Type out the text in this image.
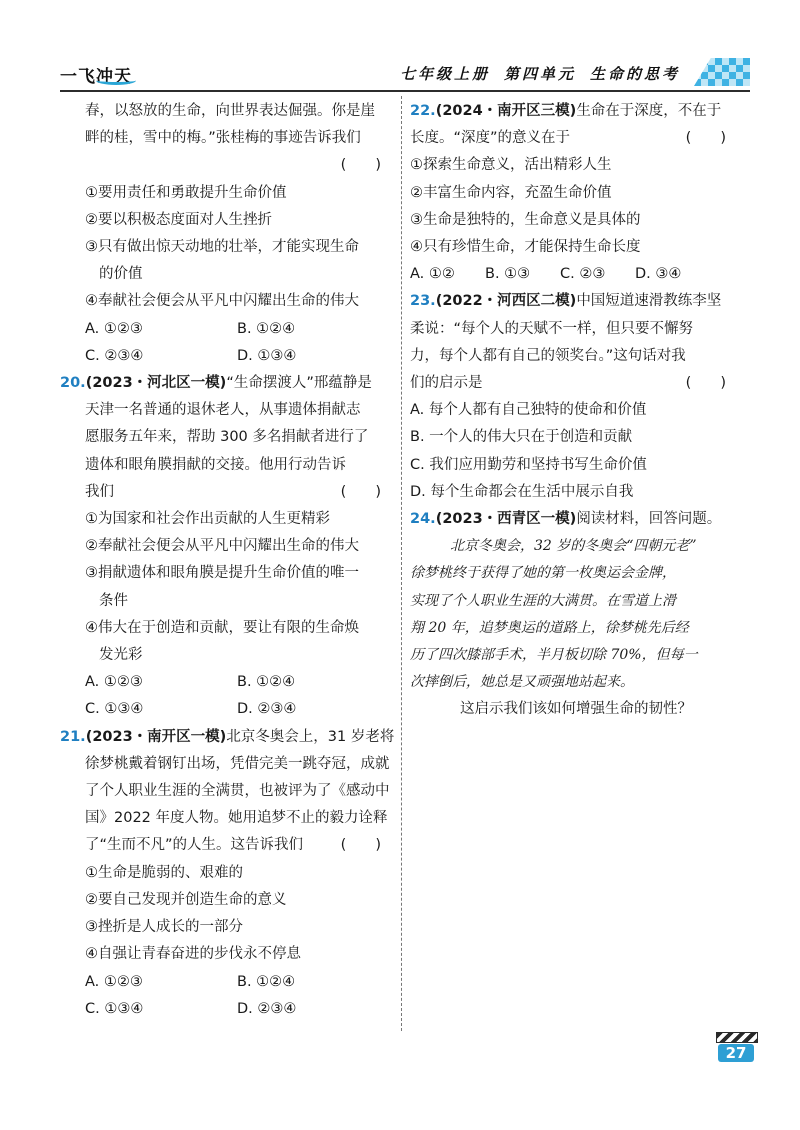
一飞冲天	七年级上册 第四单元 生命的思考
春，以怒放的生命，向世界表达倔强。你是崖
畔的桂，雪中的梅。”张桂梅的事迹告诉我们
(　　)

①要用责任和勇敢提升生命价值
②要以积极态度面对人生挫折
③只有做出惊天动地的壮举，才能实现生命
的价值
④奉献社会便会从平凡中闪耀出生命的伟大
A. ①②③	B. ①②④
C. ②③④	D. ①③④
20.(2023・河北区一模)“生命摆渡人”邢蕴静是
天津一名普通的退休老人，从事遗体捐献志
愿服务五年来，帮助 300 多名捐献者进行了
遗体和眼角膜捐献的交接。他用行动告诉
我们	(　　)
①为国家和社会作出贡献的人生更精彩
②奉献社会便会从平凡中闪耀出生命的伟大
③捐献遗体和眼角膜是提升生命价值的唯一
条件
④伟大在于创造和贡献，要让有限的生命焕
发光彩
A. ①②③	B. ①②④
C. ①③④	D. ②③④
21.(2023・南开区一模)北京冬奥会上，31 岁老将
徐梦桃戴着钢钉出场，凭借完美一跳夺冠，成就
了个人职业生涯的全满贯，也被评为了《感动中
国》2022 年度人物。她用追梦不止的毅力诠释
了“生而不凡”的人生。这告诉我们	(　　)
①生命是脆弱的、艰难的
②要自己发现并创造生命的意义
③挫折是人成长的一部分
④自强让青春奋进的步伐永不停息
A. ①②③	B. ①②④
C. ①③④	D. ②③④
22.(2024・南开区三模)生命在于深度，不在于
长度。“深度”的意义在于	(　　)
①探索生命意义，活出精彩人生
②丰富生命内容，充盈生命价值
③生命是独特的，生命意义是具体的
④只有珍惜生命，才能保持生命长度
A. ①②	B. ①③	C. ②③	D. ③④
23.(2022・河西区二模)中国短道速滑教练李坚
柔说：“每个人的天赋不一样，但只要不懈努
力，每个人都有自己的领奖台。”这句话对我
们的启示是	(　　)
A. 每个人都有自己独特的使命和价值
B. 一个人的伟大只在于创造和贡献
C. 我们应用勤劳和坚持书写生命价值
D. 每个生命都会在生活中展示自我
24.(2023・西青区一模)阅读材料，回答问题。
北京冬奥会，32 岁的冬奥会“四朝元老”
徐梦桃终于获得了她的第一枚奥运会金牌，
实现了个人职业生涯的大满贯。在雪道上滑
翔 20 年，追梦奥运的道路上，徐梦桃先后经
历了四次膝部手术，半月板切除 70%，但每一
次摔倒后，她总是又顽强地站起来。
这启示我们该如何增强生命的韧性？
27
